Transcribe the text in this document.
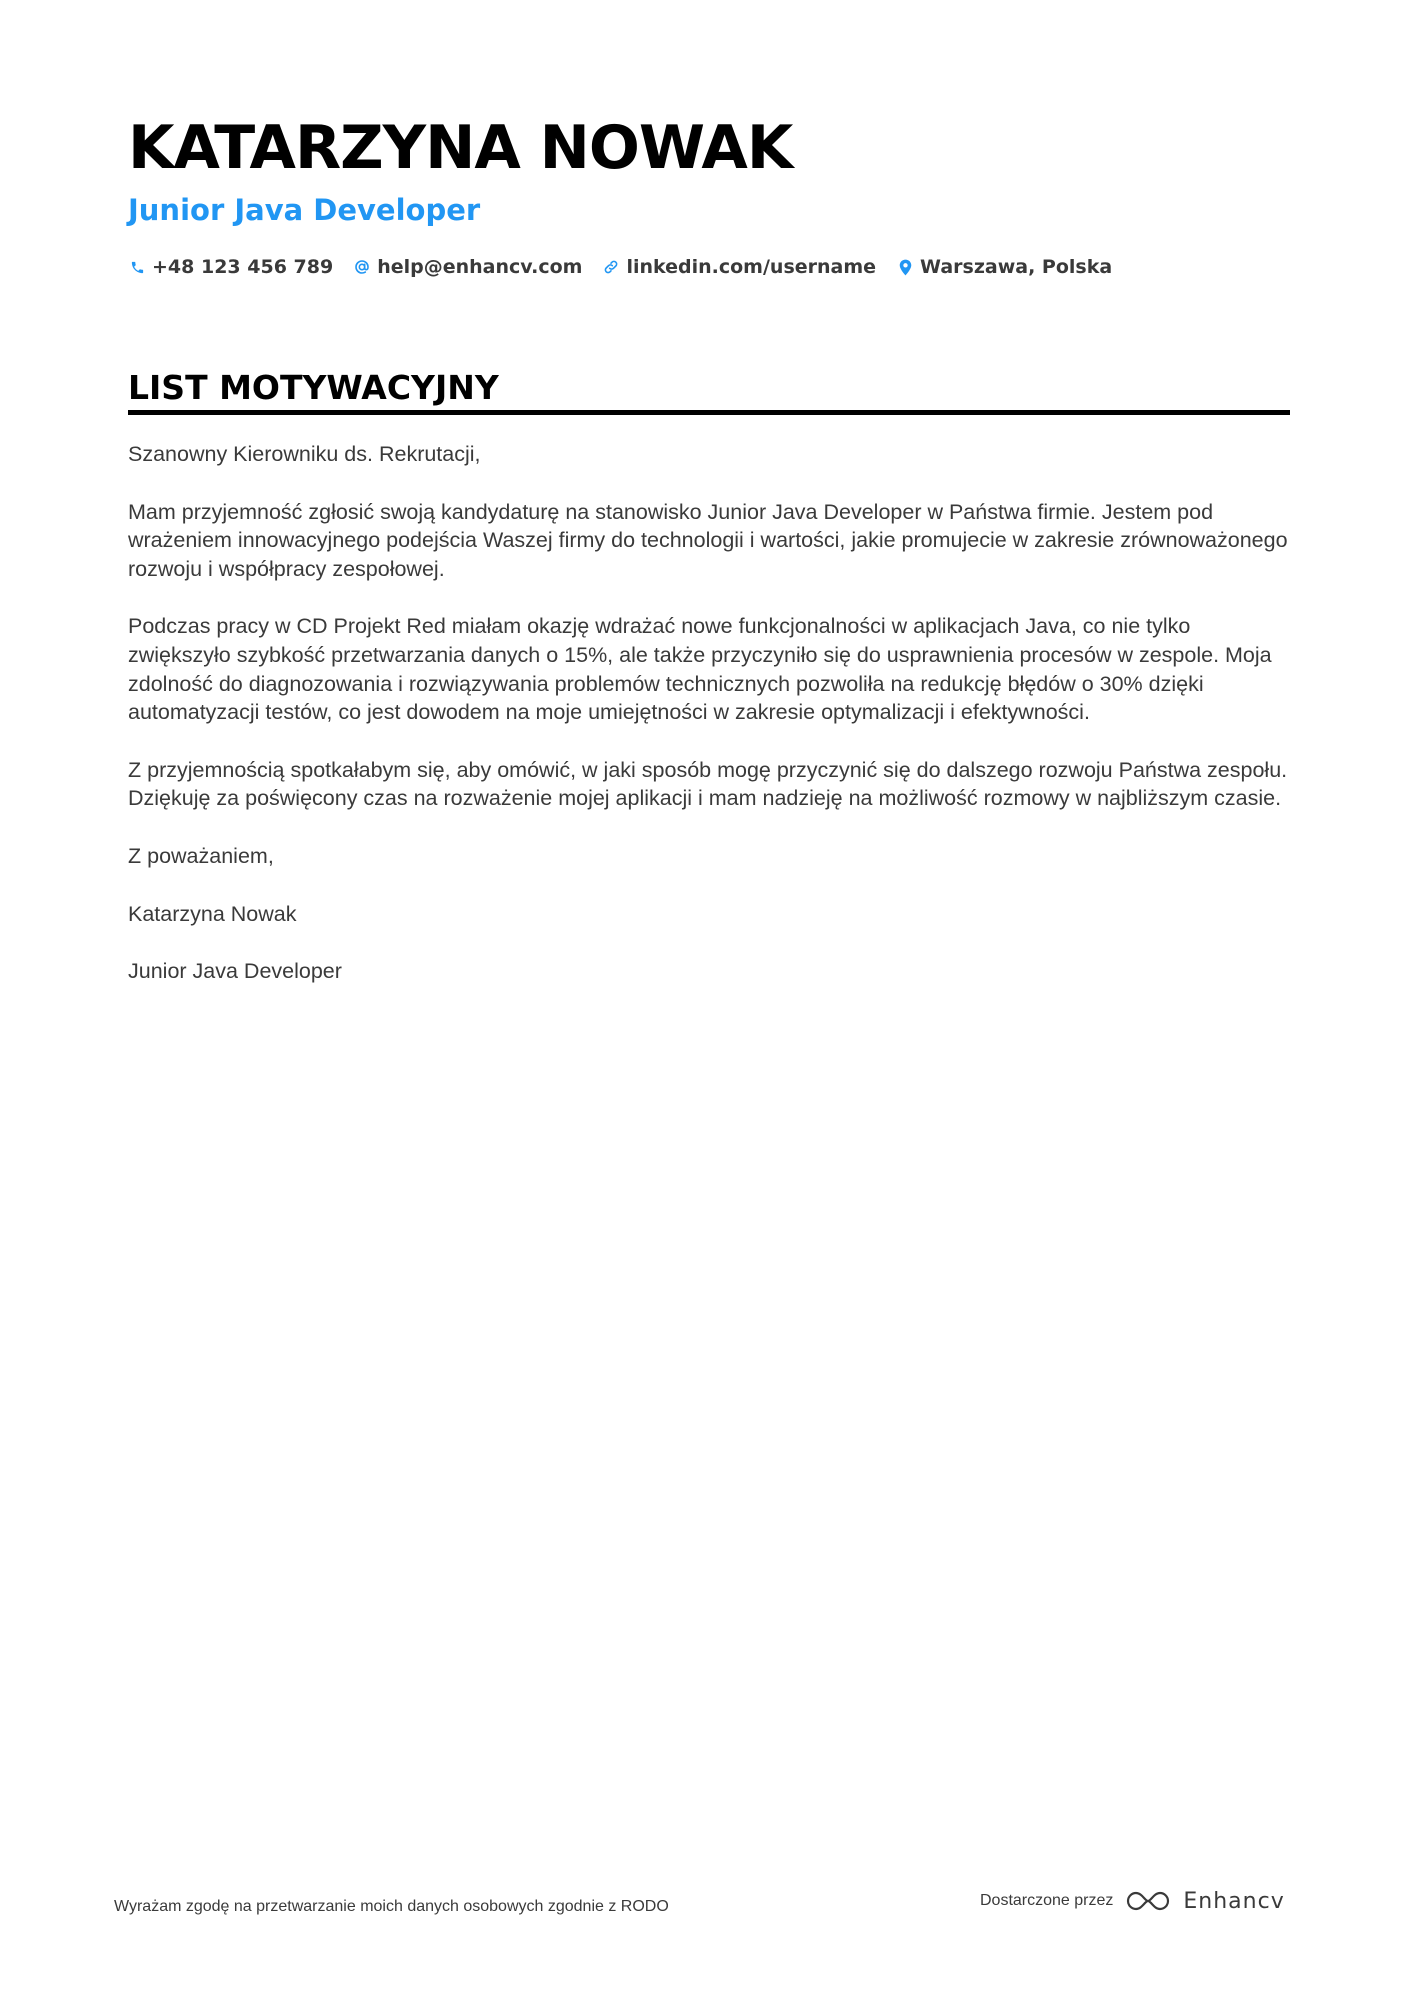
KATARZYNA NOWAK
Junior Java Developer
+48 123 456 789 help@enhancv.com linkedin.com/username Warszawa, Polska
LIST MOTYWACYJNY

Szanowny Kierowniku ds. Rekrutacji,

Mam przyjemność zgłosić swoją kandydaturę na stanowisko Junior Java Developer w Państwa firmie. Jestem pod wrażeniem innowacyjnego podejścia Waszej firmy do technologii i wartości, jakie promujecie w zakresie zrównoważonego rozwoju i współpracy zespołowej.

Podczas pracy w CD Projekt Red miałam okazję wdrażać nowe funkcjonalności w aplikacjach Java, co nie tylko zwiększyło szybkość przetwarzania danych o 15%, ale także przyczyniło się do usprawnienia procesów w zespole. Moja zdolność do diagnozowania i rozwiązywania problemów technicznych pozwoliła na redukcję błędów o 30% dzięki automatyzacji testów, co jest dowodem na moje umiejętności w zakresie optymalizacji i efektywności.

Z przyjemnością spotkałabym się, aby omówić, w jaki sposób mogę przyczynić się do dalszego rozwoju Państwa zespołu. Dziękuję za poświęcony czas na rozważenie mojej aplikacji i mam nadzieję na możliwość rozmowy w najbliższym czasie.

Z poważaniem,

Katarzyna Nowak

Junior Java Developer

Wyrażam zgodę na przetwarzanie moich danych osobowych zgodnie z RODO	Dostarczone przez	Enhancv
